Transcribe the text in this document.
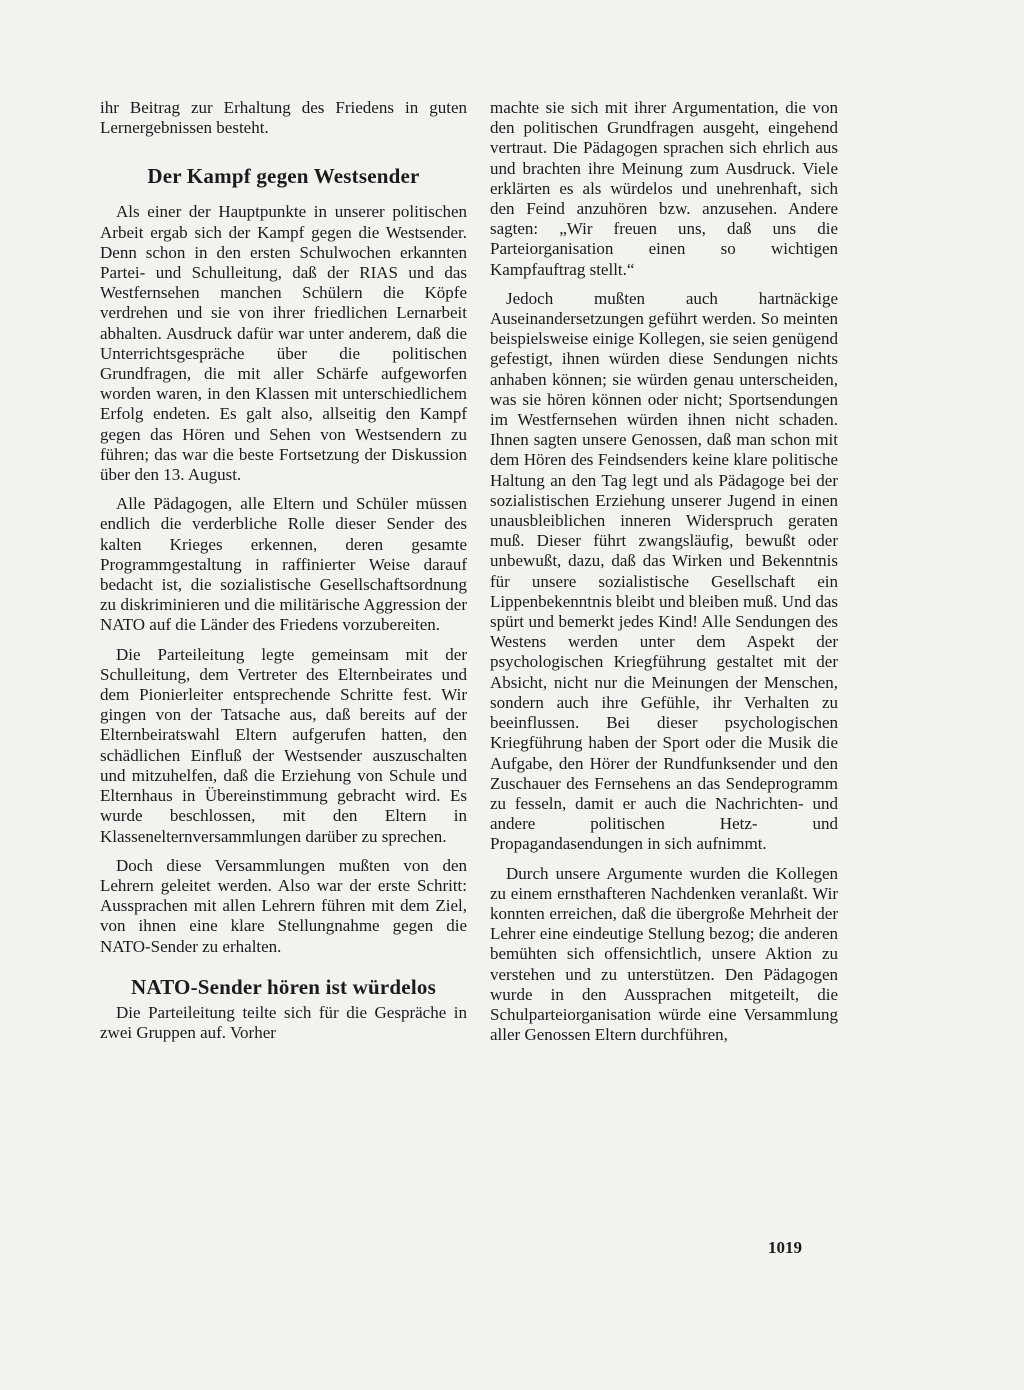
ihr Beitrag zur Erhaltung des Friedens in guten Lernergebnissen besteht.

Der Kampf gegen Westsender

Als einer der Hauptpunkte in unserer politischen Arbeit ergab sich der Kampf gegen die Westsender. Denn schon in den ersten Schulwochen erkannten Partei- und Schulleitung, daß der RIAS und das Westfernsehen manchen Schülern die Köpfe verdrehen und sie von ihrer friedlichen Lernarbeit abhalten. Ausdruck dafür war unter anderem, daß die Unterrichtsgespräche über die politischen Grundfragen, die mit aller Schärfe aufgeworfen worden waren, in den Klassen mit unterschiedlichem Erfolg endeten. Es galt also, allseitig den Kampf gegen das Hören und Sehen von Westsendern zu führen; das war die beste Fortsetzung der Diskussion über den 13. August.

Alle Pädagogen, alle Eltern und Schüler müssen endlich die verderbliche Rolle dieser Sender des kalten Krieges erkennen, deren gesamte Programmgestaltung in raffinierter Weise darauf bedacht ist, die sozialistische Gesellschaftsordnung zu diskriminieren und die militärische Aggression der NATO auf die Länder des Friedens vorzubereiten.

Die Parteileitung legte gemeinsam mit der Schulleitung, dem Vertreter des Elternbeirates und dem Pionierleiter entsprechende Schritte fest. Wir gingen von der Tatsache aus, daß bereits auf der Elternbeiratswahl Eltern aufgerufen hatten, den schädlichen Einfluß der Westsender auszuschalten und mitzuhelfen, daß die Erziehung von Schule und Elternhaus in Übereinstimmung gebracht wird. Es wurde beschlossen, mit den Eltern in Klassenelternversammlungen darüber zu sprechen.

Doch diese Versammlungen mußten von den Lehrern geleitet werden. Also war der erste Schritt: Aussprachen mit allen Lehrern führen mit dem Ziel, von ihnen eine klare Stellungnahme gegen die NATO-Sender zu erhalten.

NATO-Sender hören ist würdelos

Die Parteileitung teilte sich für die Gespräche in zwei Gruppen auf. Vorher

machte sie sich mit ihrer Argumentation, die von den politischen Grundfragen ausgeht, eingehend vertraut. Die Pädagogen sprachen sich ehrlich aus und brachten ihre Meinung zum Ausdruck. Viele erklärten es als würdelos und unehrenhaft, sich den Feind anzuhören bzw. anzusehen. Andere sagten: „Wir freuen uns, daß uns die Parteiorganisation einen so wichtigen Kampfauftrag stellt.“

Jedoch mußten auch hartnäckige Auseinandersetzungen geführt werden. So meinten beispielsweise einige Kollegen, sie seien genügend gefestigt, ihnen würden diese Sendungen nichts anhaben können; sie würden genau unterscheiden, was sie hören können oder nicht; Sportsendungen im Westfernsehen würden ihnen nicht schaden. Ihnen sagten unsere Genossen, daß man schon mit dem Hören des Feindsenders keine klare politische Haltung an den Tag legt und als Pädagoge bei der sozialistischen Erziehung unserer Jugend in einen unausbleiblichen inneren Widerspruch geraten muß. Dieser führt zwangsläufig, bewußt oder unbewußt, dazu, daß das Wirken und Bekenntnis für unsere sozialistische Gesellschaft ein Lippenbekenntnis bleibt und bleiben muß. Und das spürt und bemerkt jedes Kind! Alle Sendungen des Westens werden unter dem Aspekt der psychologischen Kriegführung gestaltet mit der Absicht, nicht nur die Meinungen der Menschen, sondern auch ihre Gefühle, ihr Verhalten zu beeinflussen. Bei dieser psychologischen Kriegführung haben der Sport oder die Musik die Aufgabe, den Hörer der Rundfunksender und den Zuschauer des Fernsehens an das Sendeprogramm zu fesseln, damit er auch die Nachrichten- und andere politischen Hetz- und Propagandasendungen in sich aufnimmt.

Durch unsere Argumente wurden die Kollegen zu einem ernsthafteren Nachdenken veranlaßt. Wir konnten erreichen, daß die übergroße Mehrheit der Lehrer eine eindeutige Stellung bezog; die anderen bemühten sich offensichtlich, unsere Aktion zu verstehen und zu unterstützen. Den Pädagogen wurde in den Aussprachen mitgeteilt, die Schulparteiorganisation würde eine Versammlung aller Genossen Eltern durchführen,

1019
